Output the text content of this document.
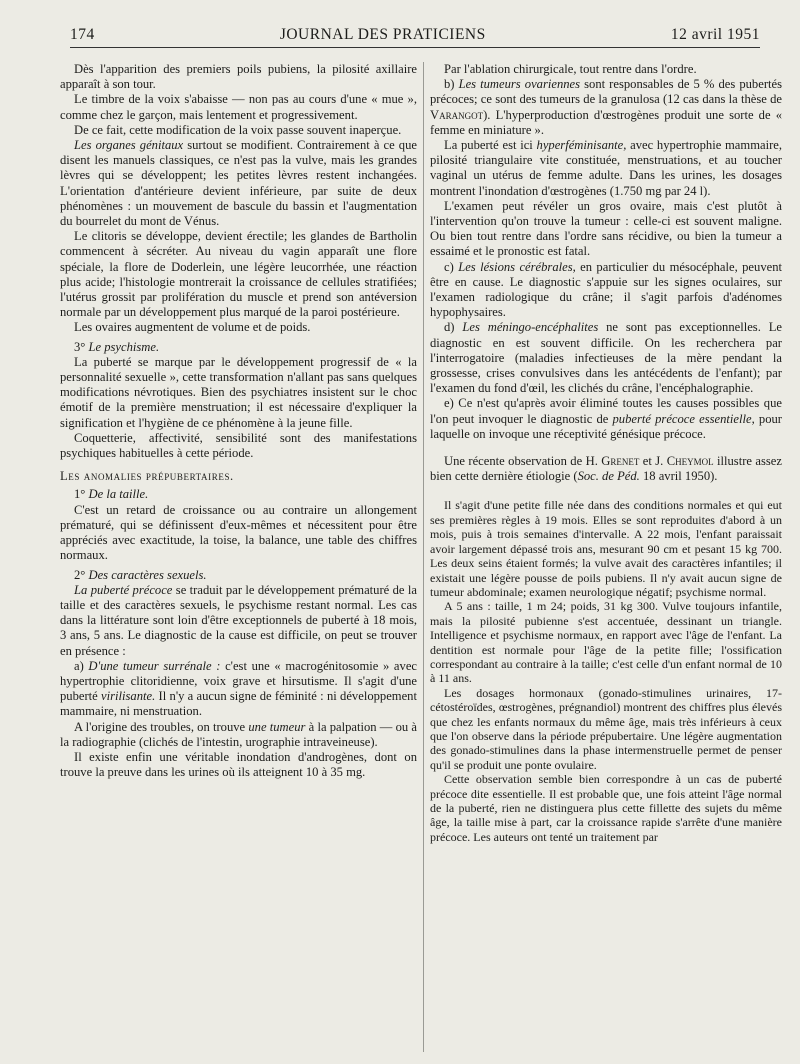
174	JOURNAL DES PRATICIENS	12 avril 1951

Dès l'apparition des premiers poils pubiens, la pilosité axillaire apparaît à son tour.

Le timbre de la voix s'abaisse — non pas au cours d'une « mue », comme chez le garçon, mais lentement et progressivement.

De ce fait, cette modification de la voix passe souvent inaperçue.

Les organes génitaux surtout se modifient. Contrairement à ce que disent les manuels classiques, ce n'est pas la vulve, mais les grandes lèvres qui se développent; les petites lèvres restent inchangées. L'orientation d'antérieure devient inférieure, par suite de deux phénomènes : un mouvement de bascule du bassin et l'augmentation du bourrelet du mont de Vénus.

Le clitoris se développe, devient érectile; les glandes de Bartholin commencent à sécréter. Au niveau du vagin apparaît une flore spéciale, la flore de Doderlein, une légère leucorrhée, une réaction plus acide; l'histologie montrerait la croissance de cellules stratifiées; l'utérus grossit par prolifération du muscle et prend son antéversion normale par un développement plus marqué de la paroi postérieure.

Les ovaires augmentent de volume et de poids.

3° Le psychisme.

La puberté se marque par le développement progressif de « la personnalité sexuelle », cette transformation n'allant pas sans quelques modifications névrotiques. Bien des psychiatres insistent sur le choc émotif de la première menstruation; il est nécessaire d'expliquer la signification et l'hygiène de ce phénomène à la jeune fille.

Coquetterie, affectivité, sensibilité sont des manifestations psychiques habituelles à cette période.

Les anomalies prépubertaires.

1° De la taille.

C'est un retard de croissance ou au contraire un allongement prématuré, qui se définissent d'eux-mêmes et nécessitent pour être appréciés avec exactitude, la toise, la balance, une table des chiffres normaux.

2° Des caractères sexuels.

La puberté précoce se traduit par le développement prématuré de la taille et des caractères sexuels, le psychisme restant normal. Les cas dans la littérature sont loin d'être exceptionnels de puberté à 18 mois, 3 ans, 5 ans. Le diagnostic de la cause est difficile, on peut se trouver en présence :

a) D'une tumeur surrénale : c'est une « macrogénitosomie » avec hypertrophie clitoridienne, voix grave et hirsutisme. Il s'agit d'une puberté virilisante. Il n'y a aucun signe de féminité : ni développement mammaire, ni menstruation.

A l'origine des troubles, on trouve une tumeur à la palpation — ou à la radiographie (clichés de l'intestin, urographie intraveineuse).

Il existe enfin une véritable inondation d'androgènes, dont on trouve la preuve dans les urines où ils atteignent 10 à 35 mg.

Par l'ablation chirurgicale, tout rentre dans l'ordre.

b) Les tumeurs ovariennes sont responsables de 5 % des pubertés précoces; ce sont des tumeurs de la granulosa (12 cas dans la thèse de Varangot). L'hyperproduction d'œstrogènes produit une sorte de « femme en miniature ».

La puberté est ici hyperféminisante, avec hypertrophie mammaire, pilosité triangulaire vite constituée, menstruations, et au toucher vaginal un utérus de femme adulte. Dans les urines, les dosages montrent l'inondation d'œstrogènes (1.750 mg par 24 l).

L'examen peut révéler un gros ovaire, mais c'est plutôt à l'intervention qu'on trouve la tumeur : celle-ci est souvent maligne. Ou bien tout rentre dans l'ordre sans récidive, ou bien la tumeur a essaimé et le pronostic est fatal.

c) Les lésions cérébrales, en particulier du mésocéphale, peuvent être en cause. Le diagnostic s'appuie sur les signes oculaires, sur l'examen radiologique du crâne; il s'agit parfois d'adénomes hypophysaires.

d) Les méningo-encéphalites ne sont pas exceptionnelles. Le diagnostic en est souvent difficile. On les recherchera par l'interrogatoire (maladies infectieuses de la mère pendant la grossesse, crises convulsives dans les antécédents de l'enfant); par l'examen du fond d'œil, les clichés du crâne, l'encéphalographie.

e) Ce n'est qu'après avoir éliminé toutes les causes possibles que l'on peut invoquer le diagnostic de puberté précoce essentielle, pour laquelle on invoque une réceptivité génésique précoce.

Une récente observation de H. Grenet et J. Cheymol illustre assez bien cette dernière étiologie (Soc. de Péd. 18 avril 1950).

Il s'agit d'une petite fille née dans des conditions normales et qui eut ses premières règles à 19 mois. Elles se sont reproduites d'abord à un mois, puis à trois semaines d'intervalle. A 22 mois, l'enfant paraissait avoir largement dépassé trois ans, mesurant 90 cm et pesant 15 kg 700. Les deux seins étaient formés; la vulve avait des caractères infantiles; il existait une légère pousse de poils pubiens. Il n'y avait aucun signe de tumeur abdominale; examen neurologique négatif; psychisme normal.

A 5 ans : taille, 1 m 24; poids, 31 kg 300. Vulve toujours infantile, mais la pilosité pubienne s'est accentuée, dessinant un triangle. Intelligence et psychisme normaux, en rapport avec l'âge de l'enfant. La dentition est normale pour l'âge de la petite fille; l'ossification correspondant au contraire à la taille; c'est celle d'un enfant normal de 10 à 11 ans.

Les dosages hormonaux (gonado-stimulines urinaires, 17-cétostéroïdes, œstrogènes, prégnandiol) montrent des chiffres plus élevés que chez les enfants normaux du même âge, mais très inférieurs à ceux que l'on observe dans la période prépubertaire. Une légère augmentation des gonado-stimulines dans la phase intermenstruelle permet de penser qu'il se produit une ponte ovulaire.

Cette observation semble bien correspondre à un cas de puberté précoce dite essentielle. Il est probable que, une fois atteint l'âge normal de la puberté, rien ne distinguera plus cette fillette des sujets du même âge, la taille mise à part, car la croissance rapide s'arrête d'une manière précoce. Les auteurs ont tenté un traitement par
